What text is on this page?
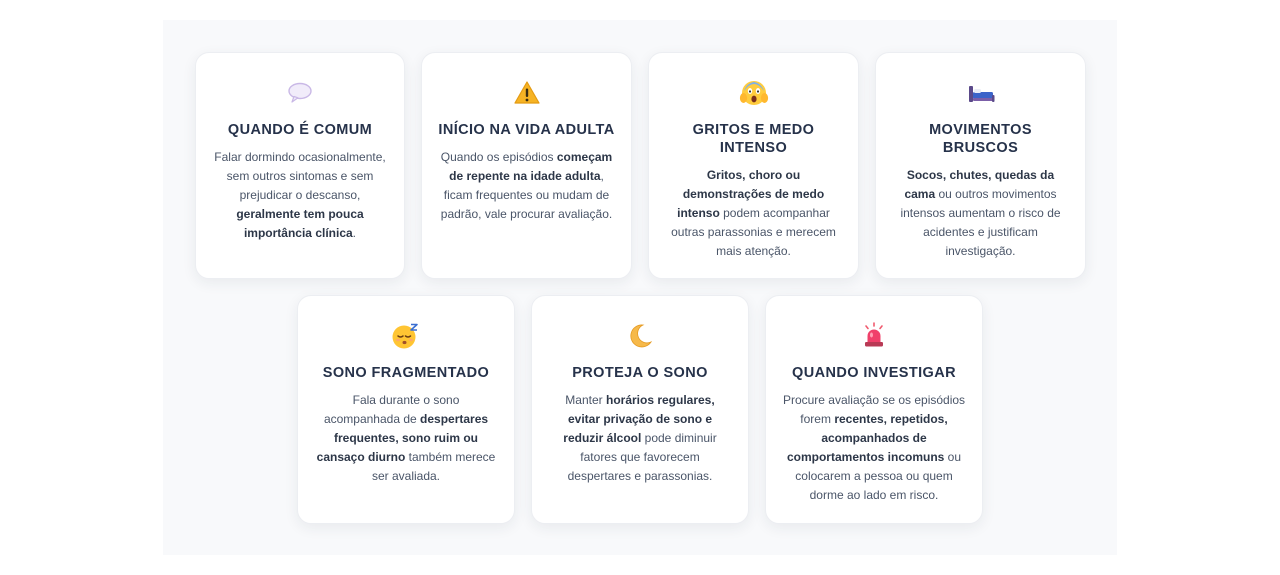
QUANDO É COMUM

Falar dormindo ocasionalmente, sem outros sintomas e sem prejudicar o descanso, geralmente tem pouca importância clínica.

INÍCIO NA VIDA ADULTA

Quando os episódios começam de repente na idade adulta, ficam frequentes ou mudam de padrão, vale procurar avaliação.

GRITOS E MEDO INTENSO

Gritos, choro ou demonstrações de medo intenso podem acompanhar outras parassonias e merecem mais atenção.

MOVIMENTOS BRUSCOS

Socos, chutes, quedas da cama ou outros movimentos intensos aumentam o risco de acidentes e justificam investigação.

SONO FRAGMENTADO

Fala durante o sono acompanhada de despertares frequentes, sono ruim ou cansaço diurno também merece ser avaliada.

PROTEJA O SONO

Manter horários regulares, evitar privação de sono e reduzir álcool pode diminuir fatores que favorecem despertares e parassonias.

QUANDO INVESTIGAR

Procure avaliação se os episódios forem recentes, repetidos, acompanhados de comportamentos incomuns ou colocarem a pessoa ou quem dorme ao lado em risco.
